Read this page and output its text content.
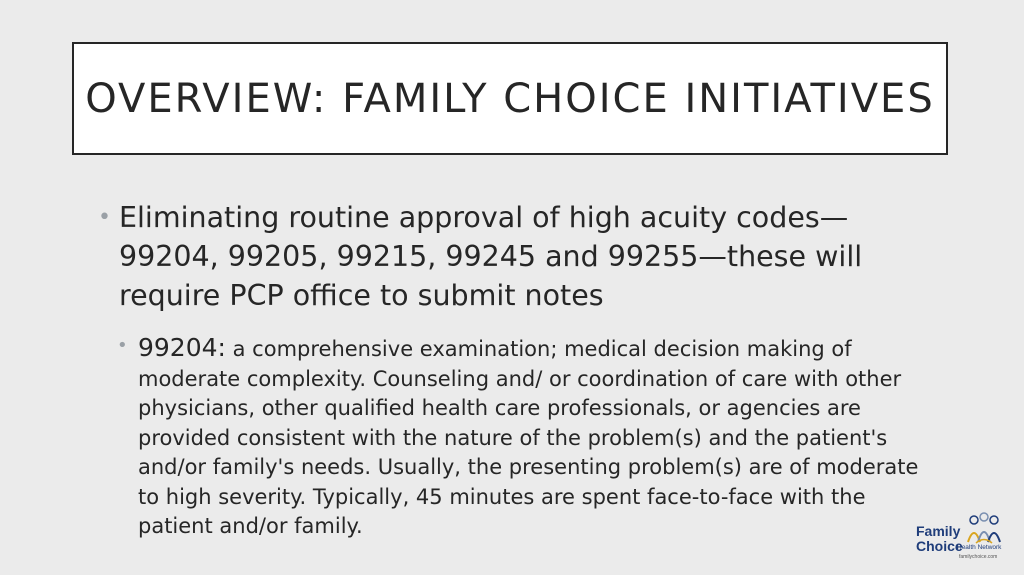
OVERVIEW: FAMILY CHOICE INITIATIVES
• Eliminating routine approval of high acuity codes—99204, 99205, 99215, 99245 and 99255—these will require PCP office to submit notes
• 99204: a comprehensive examination; medical decision making of moderate complexity. Counseling and/ or coordination of care with other physicians, other qualified health care professionals, or agencies are provided consistent with the nature of the problem(s) and the patient's and/or family's needs. Usually, the presenting problem(s) are of moderate to high severity. Typically, 45 minutes are spent face-to-face with the patient and/or family.	Family
Choice
Health Network
familychoice.com
